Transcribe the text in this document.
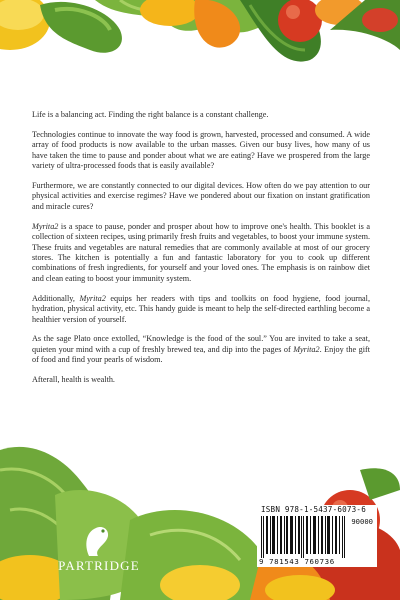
Life is a balancing act. Finding the right balance is a constant challenge.

Technologies continue to innovate the way food is grown, harvested, processed and consumed. A wide array of food products is now available to the urban masses. Given our busy lives, how many of us have taken the time to pause and ponder about what we are eating? Have we prospered from the large variety of ultra-processed foods that is easily available?

Furthermore, we are constantly connected to our digital devices. How often do we pay attention to our physical activities and exercise regimes? Have we pondered about our fixation on instant gratification and miracle cures?

Myrita2 is a space to pause, ponder and prosper about how to improve one's health. This booklet is a collection of sixteen recipes, using primarily fresh fruits and vegetables, to boost your immune system. These fruits and vegetables are natural remedies that are commonly available at most of our grocery stores. The kitchen is potentially a fun and fantastic laboratory for you to cook up different combinations of fresh ingredients, for yourself and your loved ones. The emphasis is on rainbow diet and clean eating to boost your immunity system.

Additionally, Myrita2 equips her readers with tips and toolkits on food hygiene, food journal, hydration, physical activity, etc. This handy guide is meant to help the self-directed earthling become a healthier version of yourself.

As the sage Plato once extolled, “Knowledge is the food of the soul.” You are invited to take a seat, quieten your mind with a cup of freshly brewed tea, and dip into the pages of Myrita2. Enjoy the gift of food and find your pearls of wisdom.

Afterall, health is wealth.

PARTRIDGE
ISBN 978-1-5437-6073-6
90000
9 781543 760736
